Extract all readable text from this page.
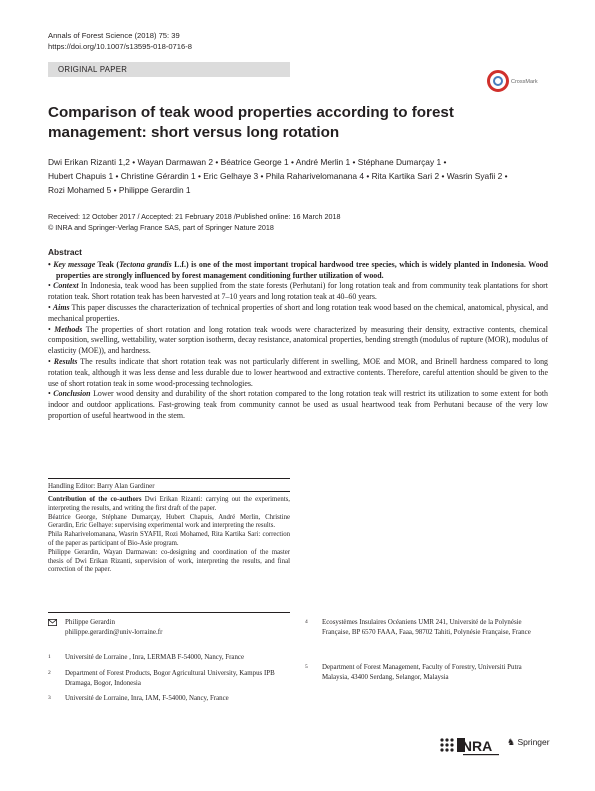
Annals of Forest Science (2018) 75: 39
https://doi.org/10.1007/s13595-018-0716-8
ORIGINAL PAPER
CrossMark
Comparison of teak wood properties according to forest management: short versus long rotation
Dwi Erikan Rizanti 1,2 • Wayan Darmawan 2 • Béatrice George 1 • André Merlin 1 • Stéphane Dumarçay 1 •
Hubert Chapuis 1 • Christine Gérardin 1 • Eric Gelhaye 3 • Phila Raharivelomanana 4 • Rita Kartika Sari 2 • Wasrin Syafii 2 •
Rozi Mohamed 5 • Philippe Gerardin 1
Received: 12 October 2017 / Accepted: 21 February 2018 /Published online: 16 March 2018
© INRA and Springer-Verlag France SAS, part of Springer Nature 2018
Abstract

• Key message Teak (Tectona grandis L.f.) is one of the most important tropical hardwood tree species, which is widely planted in Indonesia. Wood properties are strongly influenced by forest management conditioning further utilization of wood.

• Context In Indonesia, teak wood has been supplied from the state forests (Perhutani) for long rotation teak and from community teak plantations for short rotation teak. Short rotation teak has been harvested at 7–10 years and long rotation teak at 40–60 years.

• Aims This paper discusses the characterization of technical properties of short and long rotation teak wood based on the chemical, anatomical, physical, and mechanical properties.

• Methods The properties of short rotation and long rotation teak woods were characterized by measuring their density, extractive contents, chemical composition, swelling, wettability, water sorption isotherm, decay resistance, anatomical properties, bending strength (modulus of rupture (MOR), modulus of elasticity (MOE)), and hardness.

• Results The results indicate that short rotation teak was not particularly different in swelling, MOE and MOR, and Brinell hardness compared to long rotation teak, although it was less dense and less durable due to lower heartwood and extractive contents. Therefore, careful attention should be given to the use of short rotation teak in some wood-processing technologies.

• Conclusion Lower wood density and durability of the short rotation compared to the long rotation teak will restrict its utilization to some extent for both indoor and outdoor applications. Fast-growing teak from community cannot be used as usual heartwood teak from Perhutani because of the very low proportion of useful heartwood in the stem.

Handling Editor: Barry Alan Gardiner

Contribution of the co-authors Dwi Erikan Rizanti: carrying out the experiments, interpreting the results, and writing the first draft of the paper.

Béatrice George, Stéphane Dumarçay, Hubert Chapuis, André Merlin, Christine Gerardin, Eric Gelhaye: supervising experimental work and interpreting the results.

Phila Raharivelomanana, Wasrin SYAFII, Rozi Mohamed, Rita Kartika Sari: correction of the paper as participant of Bio-Asie program.

Philippe Gerardin, Wayan Darmawan: co-designing and coordination of the master thesis of Dwi Erikan Rizanti, supervision of work, interpreting the results, and final correction of the paper.

Philippe Gerardin
philippe.gerardin@univ-lorraine.fr
1 Université de Lorraine , Inra, LERMAB F-54000, Nancy, France
2 Department of Forest Products, Bogor Agricultural University, Kampus IPB Dramaga, Bogor, Indonesia
3 Université de Lorraine, Inra, IAM, F-54000, Nancy, France
4 Ecosystèmes Insulaires Océaniens UMR 241, Université de la Polynésie Française, BP 6570 FAAA, Faaa, 98702 Tahiti, Polynésie Française, France
5 Department of Forest Management, Faculty of Forestry, Universiti Putra Malaysia, 43400 Serdang, Selangor, Malaysia
INRA ♞ Springer
